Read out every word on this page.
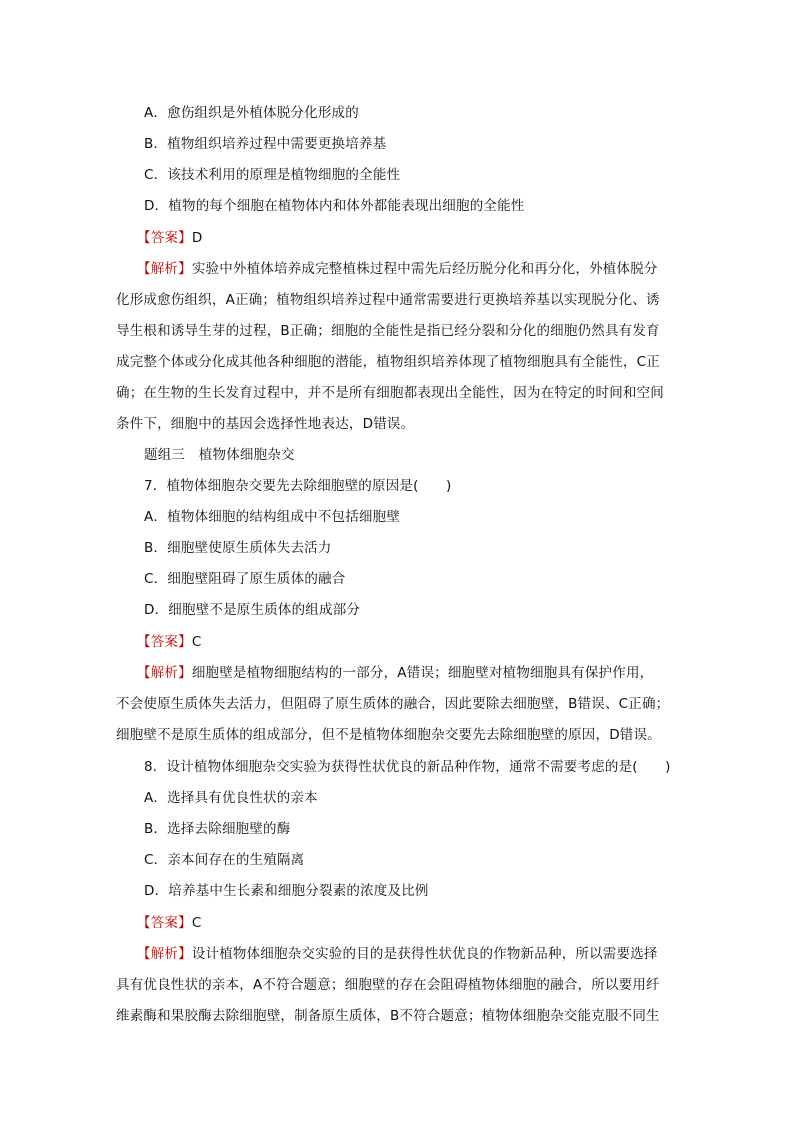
A．愈伤组织是外植体脱分化形成的
B．植物组织培养过程中需要更换培养基
C．该技术利用的原理是植物细胞的全能性
D．植物的每个细胞在植物体内和体外都能表现出细胞的全能性
【答案】D
【解析】实验中外植体培养成完整植株过程中需先后经历脱分化和再分化，外植体脱分
化形成愈伤组织，A正确；植物组织培养过程中通常需要进行更换培养基以实现脱分化、诱
导生根和诱导生芽的过程，B正确；细胞的全能性是指已经分裂和分化的细胞仍然具有发育
成完整个体或分化成其他各种细胞的潜能，植物组织培养体现了植物细胞具有全能性，C正
确；在生物的生长发育过程中，并不是所有细胞都表现出全能性，因为在特定的时间和空间
条件下，细胞中的基因会选择性地表达，D错误。
题组三　植物体细胞杂交
7．植物体细胞杂交要先去除细胞壁的原因是(　　)
A．植物体细胞的结构组成中不包括细胞壁
B．细胞壁使原生质体失去活力
C．细胞壁阻碍了原生质体的融合
D．细胞壁不是原生质体的组成部分
【答案】C
【解析】细胞壁是植物细胞结构的一部分，A错误；细胞壁对植物细胞具有保护作用，
不会使原生质体失去活力，但阻碍了原生质体的融合，因此要除去细胞壁，B错误、C正确；
细胞壁不是原生质体的组成部分，但不是植物体细胞杂交要先去除细胞壁的原因，D错误。
8．设计植物体细胞杂交实验为获得性状优良的新品种作物，通常不需要考虑的是(　　)
A．选择具有优良性状的亲本
B．选择去除细胞壁的酶
C．亲本间存在的生殖隔离
D．培养基中生长素和细胞分裂素的浓度及比例
【答案】C
【解析】设计植物体细胞杂交实验的目的是获得性状优良的作物新品种，所以需要选择
具有优良性状的亲本，A不符合题意；细胞壁的存在会阻碍植物体细胞的融合，所以要用纤
维素酶和果胶酶去除细胞壁，制备原生质体，B不符合题意；植物体细胞杂交能克服不同生
